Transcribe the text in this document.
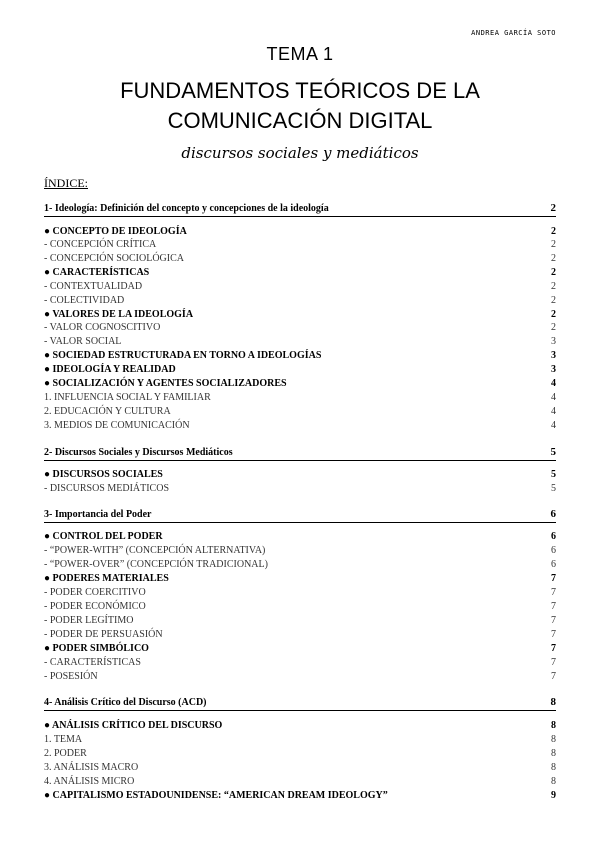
ANDREA GARCÍA SOTO
TEMA 1
FUNDAMENTOS TEÓRICOS DE LA
COMUNICACIÓN DIGITAL
discursos sociales y mediáticos
ÍNDICE:
1- Ideología: Definición del concepto y concepciones de la ideología	2
● CONCEPTO DE IDEOLOGÍA	2
- CONCEPCIÓN CRÍTICA	2
- CONCEPCIÓN SOCIOLÓGICA	2
● CARACTERÍSTICAS	2
- CONTEXTUALIDAD	2
- COLECTIVIDAD	2
● VALORES DE LA IDEOLOGÍA	2
- VALOR COGNOSCITIVO	2
- VALOR SOCIAL	3
● SOCIEDAD ESTRUCTURADA EN TORNO A IDEOLOGÍAS	3
● IDEOLOGÍA Y REALIDAD	3
● SOCIALIZACIÓN Y AGENTES SOCIALIZADORES	4
1. INFLUENCIA SOCIAL Y FAMILIAR	4
2. EDUCACIÓN Y CULTURA	4
3. MEDIOS DE COMUNICACIÓN	4
2- Discursos Sociales y Discursos Mediáticos	5
● DISCURSOS SOCIALES	5
- DISCURSOS MEDIÁTICOS	5
3- Importancia del Poder	6
● CONTROL DEL PODER	6
- “POWER-WITH” (CONCEPCIÓN ALTERNATIVA)	6
- “POWER-OVER” (CONCEPCIÓN TRADICIONAL)	6
● PODERES MATERIALES	7
- PODER COERCITIVO	7
- PODER ECONÓMICO	7
- PODER LEGÍTIMO	7
- PODER DE PERSUASIÓN	7
● PODER SIMBÓLICO	7
- CARACTERÍSTICAS	7
- POSESIÓN	7
4- Análisis Crítico del Discurso (ACD)	8
● ANÁLISIS CRÍTICO DEL DISCURSO	8
1. TEMA	8
2. PODER	8
3. ANÁLISIS MACRO	8
4. ANÁLISIS MICRO	8
● CAPITALISMO ESTADOUNIDENSE: “AMERICAN DREAM IDEOLOGY”	9
